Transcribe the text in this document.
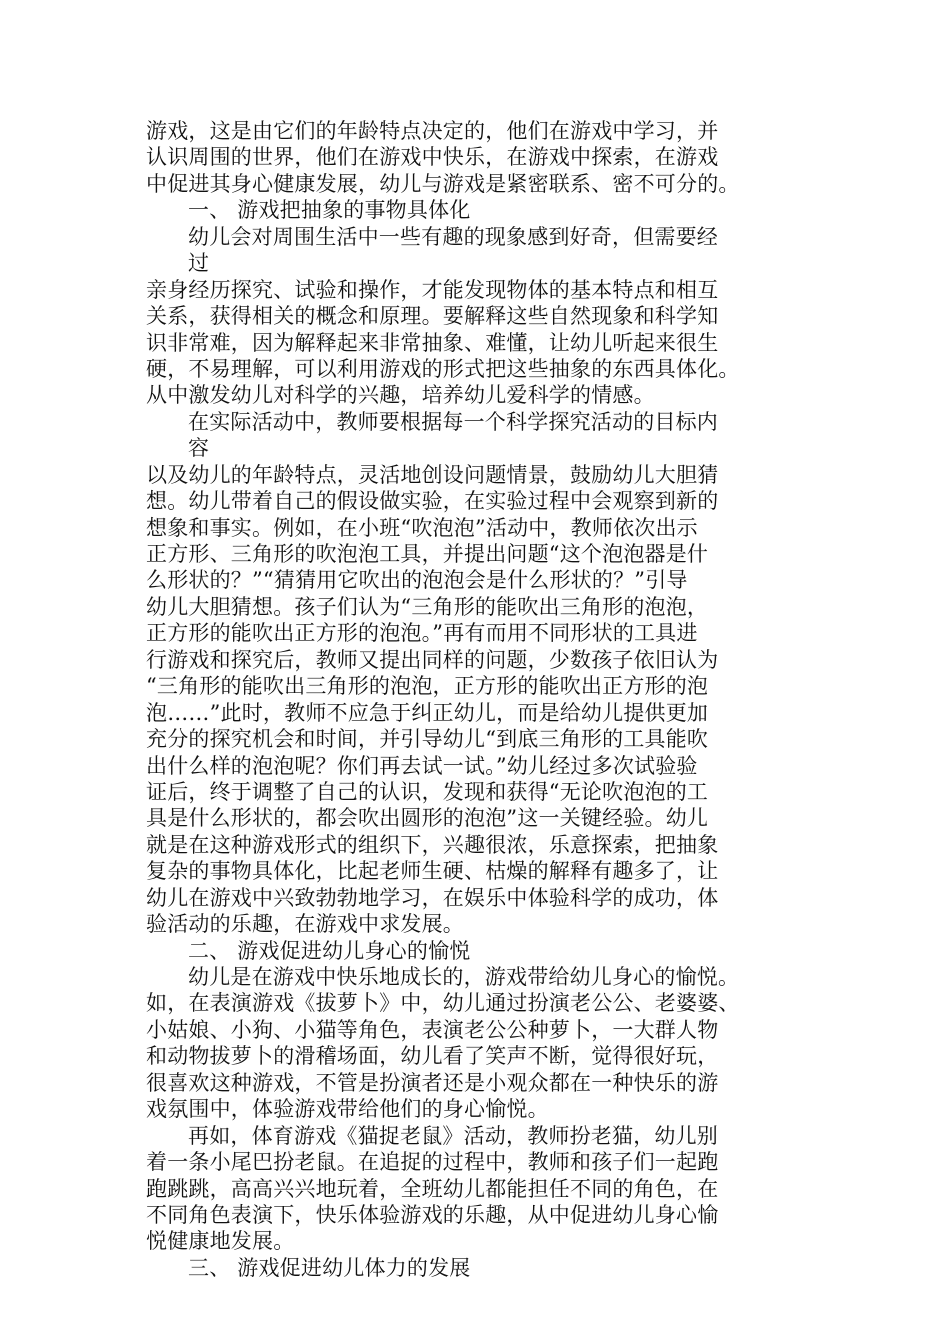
游戏，这是由它们的年龄特点决定的，他们在游戏中学习，并
认识周围的世界，他们在游戏中快乐，在游戏中探索，在游戏
中促进其身心健康发展，幼儿与游戏是紧密联系、密不可分的。
一、 游戏把抽象的事物具体化
幼儿会对周围生活中一些有趣的现象感到好奇，但需要经
过
亲身经历探究、试验和操作，才能发现物体的基本特点和相互
关系，获得相关的概念和原理。要解释这些自然现象和科学知
识非常难，因为解释起来非常抽象、难懂，让幼儿听起来很生
硬，不易理解，可以利用游戏的形式把这些抽象的东西具体化。
从中激发幼儿对科学的兴趣，培养幼儿爱科学的情感。
在实际活动中，教师要根据每一个科学探究活动的目标内
容
以及幼儿的年龄特点，灵活地创设问题情景，鼓励幼儿大胆猜
想。幼儿带着自己的假设做实验，在实验过程中会观察到新的
想象和事实。例如，在小班“吹泡泡”活动中，教师依次出示
正方形、三角形的吹泡泡工具，并提出问题“这个泡泡器是什
么形状的？”“猜猜用它吹出的泡泡会是什么形状的？”引导
幼儿大胆猜想。孩子们认为“三角形的能吹出三角形的泡泡，
正方形的能吹出正方形的泡泡。”再有而用不同形状的工具进
行游戏和探究后，教师又提出同样的问题，少数孩子依旧认为
“三角形的能吹出三角形的泡泡，正方形的能吹出正方形的泡
泡……”此时，教师不应急于纠正幼儿，而是给幼儿提供更加
充分的探究机会和时间，并引导幼儿“到底三角形的工具能吹
出什么样的泡泡呢？你们再去试一试。”幼儿经过多次试验验
证后，终于调整了自己的认识，发现和获得“无论吹泡泡的工
具是什么形状的，都会吹出圆形的泡泡”这一关键经验。幼儿
就是在这种游戏形式的组织下，兴趣很浓，乐意探索，把抽象
复杂的事物具体化，比起老师生硬、枯燥的解释有趣多了，让
幼儿在游戏中兴致勃勃地学习，在娱乐中体验科学的成功，体
验活动的乐趣，在游戏中求发展。
二、 游戏促进幼儿身心的愉悦
幼儿是在游戏中快乐地成长的，游戏带给幼儿身心的愉悦。
如，在表演游戏《拔萝卜》中，幼儿通过扮演老公公、老婆婆、
小姑娘、小狗、小猫等角色，表演老公公种萝卜，一大群人物
和动物拔萝卜的滑稽场面，幼儿看了笑声不断，觉得很好玩，
很喜欢这种游戏，不管是扮演者还是小观众都在一种快乐的游
戏氛围中，体验游戏带给他们的身心愉悦。
再如，体育游戏《猫捉老鼠》活动，教师扮老猫，幼儿别
着一条小尾巴扮老鼠。在追捉的过程中，教师和孩子们一起跑
跑跳跳，高高兴兴地玩着，全班幼儿都能担任不同的角色，在
不同角色表演下，快乐体验游戏的乐趣，从中促进幼儿身心愉
悦健康地发展。
三、 游戏促进幼儿体力的发展
